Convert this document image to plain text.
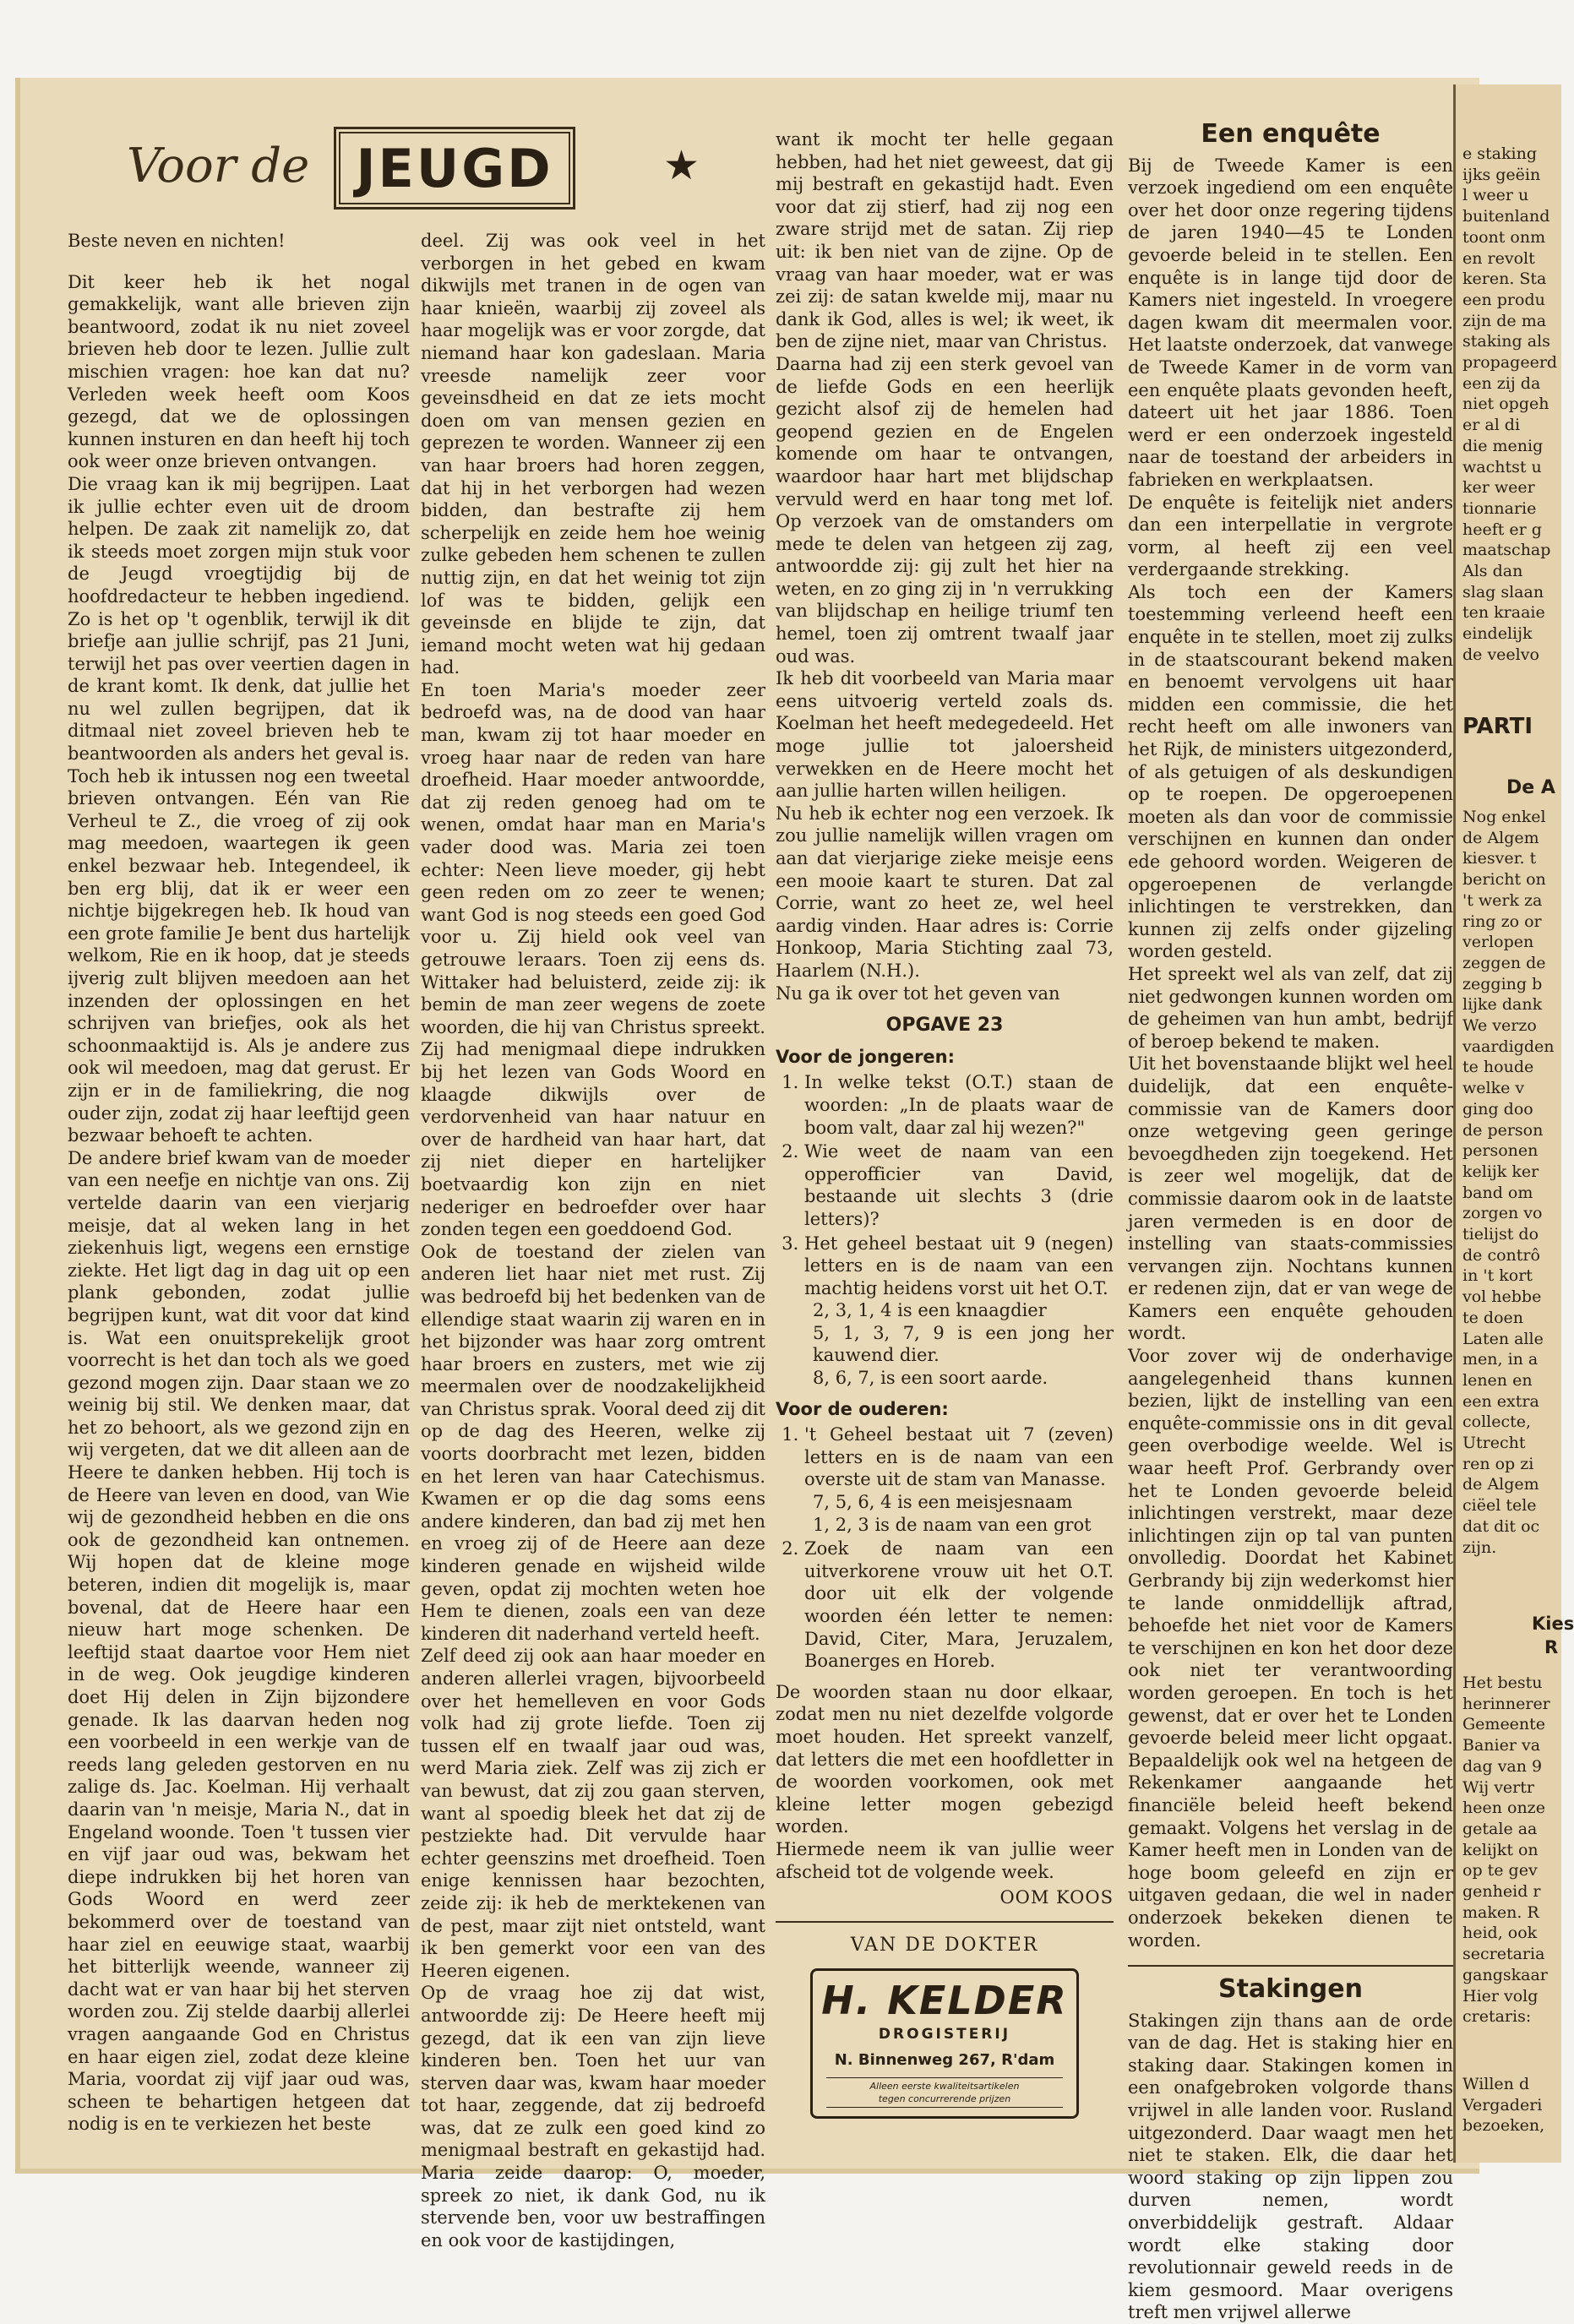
Voor de JEUGD	★

Beste neven en nichten!

Dit keer heb ik het nogal gemakkelijk, want alle brieven zijn beantwoord, zodat ik nu niet zoveel brieven heb door te lezen. Jullie zult mischien vragen: hoe kan dat nu? Verleden week heeft oom Koos gezegd, dat we de oplossingen kunnen insturen en dan heeft hij toch ook weer onze brieven ontvangen.

Die vraag kan ik mij begrijpen. Laat ik jullie echter even uit de droom helpen. De zaak zit namelijk zo, dat ik steeds moet zorgen mijn stuk voor de Jeugd vroegtijdig bij de hoofdredacteur te hebben ingediend. Zo is het op 't ogenblik, terwijl ik dit briefje aan jullie schrijf, pas 21 Juni, terwijl het pas over veertien dagen in de krant komt. Ik denk, dat jullie het nu wel zullen begrijpen, dat ik ditmaal niet zoveel brieven heb te beantwoorden als anders het geval is.

Toch heb ik intussen nog een tweetal brieven ontvangen. Eén van Rie Verheul te Z., die vroeg of zij ook mag meedoen, waartegen ik geen enkel bezwaar heb. Integendeel, ik ben erg blij, dat ik er weer een nichtje bijgekregen heb. Ik houd van een grote familie Je bent dus hartelijk welkom, Rie en ik hoop, dat je steeds ijverig zult blijven meedoen aan het inzenden der oplossingen en het schrijven van briefjes, ook als het schoonmaaktijd is. Als je andere zus ook wil meedoen, mag dat gerust. Er zijn er in de familiekring, die nog ouder zijn, zodat zij haar leeftijd geen bezwaar behoeft te achten.

De andere brief kwam van de moeder van een neefje en nichtje van ons. Zij vertelde daarin van een vierjarig meisje, dat al weken lang in het ziekenhuis ligt, wegens een ernstige ziekte. Het ligt dag in dag uit op een plank gebonden, zodat jullie begrijpen kunt, wat dit voor dat kind is. Wat een onuitsprekelijk groot voorrecht is het dan toch als we goed gezond mogen zijn. Daar staan we zo weinig bij stil. We denken maar, dat het zo behoort, als we gezond zijn en wij vergeten, dat we dit alleen aan de Heere te danken hebben. Hij toch is de Heere van leven en dood, van Wie wij de gezondheid hebben en die ons ook de gezondheid kan ontnemen. Wij hopen dat de kleine moge beteren, indien dit mogelijk is, maar bovenal, dat de Heere haar een nieuw hart moge schenken. De leeftijd staat daartoe voor Hem niet in de weg. Ook jeugdige kinderen doet Hij delen in Zijn bijzondere genade. Ik las daarvan heden nog een voorbeeld in een werkje van de reeds lang geleden gestorven en nu zalige ds. Jac. Koelman. Hij verhaalt daarin van 'n meisje, Maria N., dat in Engeland woonde. Toen 't tussen vier en vijf jaar oud was, bekwam het diepe indrukken bij het horen van Gods Woord en werd zeer bekommerd over de toestand van haar ziel en eeuwige staat, waarbij het bitterlijk weende, wanneer zij dacht wat er van haar bij het sterven worden zou. Zij stelde daarbij allerlei vragen aangaande God en Christus en haar eigen ziel, zodat deze kleine Maria, voordat zij vijf jaar oud was, scheen te behartigen hetgeen dat nodig is en te verkiezen het beste

deel. Zij was ook veel in het verborgen in het gebed en kwam dikwijls met tranen in de ogen van haar knieën, waarbij zij zoveel als haar mogelijk was er voor zorgde, dat niemand haar kon gadeslaan. Maria vreesde namelijk zeer voor geveinsdheid en dat ze iets mocht doen om van mensen gezien en geprezen te worden. Wanneer zij een van haar broers had horen zeggen, dat hij in het verborgen had wezen bidden, dan bestrafte zij hem scherpelijk en zeide hem hoe weinig zulke gebeden hem schenen te zullen nuttig zijn, en dat het weinig tot zijn lof was te bidden, gelijk een geveinsde en blijde te zijn, dat iemand mocht weten wat hij gedaan had.

En toen Maria's moeder zeer bedroefd was, na de dood van haar man, kwam zij tot haar moeder en vroeg haar naar de reden van hare droefheid. Haar moeder antwoordde, dat zij reden genoeg had om te wenen, omdat haar man en Maria's vader dood was. Maria zei toen echter: Neen lieve moeder, gij hebt geen reden om zo zeer te wenen; want God is nog steeds een goed God voor u. Zij hield ook veel van getrouwe leraars. Toen zij eens ds. Wittaker had beluisterd, zeide zij: ik bemin de man zeer wegens de zoete woorden, die hij van Christus spreekt. Zij had menigmaal diepe indrukken bij het lezen van Gods Woord en klaagde dikwijls over de verdorvenheid van haar natuur en over de hardheid van haar hart, dat zij niet dieper en hartelijker boetvaardig kon zijn en niet nederiger en bedroefder over haar zonden tegen een goeddoend God.

Ook de toestand der zielen van anderen liet haar niet met rust. Zij was bedroefd bij het bedenken van de ellendige staat waarin zij waren en in het bijzonder was haar zorg omtrent haar broers en zusters, met wie zij meermalen over de noodzakelijkheid van Christus sprak. Vooral deed zij dit op de dag des Heeren, welke zij voorts doorbracht met lezen, bidden en het leren van haar Catechismus. Kwamen er op die dag soms eens andere kinderen, dan bad zij met hen en vroeg zij of de Heere aan deze kinderen genade en wijsheid wilde geven, opdat zij mochten weten hoe Hem te dienen, zoals een van deze kinderen dit naderhand verteld heeft.

Zelf deed zij ook aan haar moeder en anderen allerlei vragen, bijvoorbeeld over het hemelleven en voor Gods volk had zij grote liefde. Toen zij tussen elf en twaalf jaar oud was, werd Maria ziek. Zelf was zij zich er van bewust, dat zij zou gaan sterven, want al spoedig bleek het dat zij de pestziekte had. Dit vervulde haar echter geenszins met droefheid. Toen enige kennissen haar bezochten, zeide zij: ik heb de merktekenen van de pest, maar zijt niet ontsteld, want ik ben gemerkt voor een van des Heeren eigenen.

Op de vraag hoe zij dat wist, antwoordde zij: De Heere heeft mij gezegd, dat ik een van zijn lieve kinderen ben. Toen het uur van sterven daar was, kwam haar moeder tot haar, zeggende, dat zij bedroefd was, dat ze zulk een goed kind zo menigmaal bestraft en gekastijd had. Maria zeide daarop: O, moeder, spreek zo niet, ik dank God, nu ik stervende ben, voor uw bestraffingen en ook voor de kastijdingen,

want ik mocht ter helle gegaan hebben, had het niet geweest, dat gij mij bestraft en gekastijd hadt. Even voor dat zij stierf, had zij nog een zware strijd met de satan. Zij riep uit: ik ben niet van de zijne. Op de vraag van haar moeder, wat er was zei zij: de satan kwelde mij, maar nu dank ik God, alles is wel; ik weet, ik ben de zijne niet, maar van Christus.

Daarna had zij een sterk gevoel van de liefde Gods en een heerlijk gezicht alsof zij de hemelen had geopend gezien en de Engelen komende om haar te ontvangen, waardoor haar hart met blijdschap vervuld werd en haar tong met lof. Op verzoek van de omstanders om mede te delen van hetgeen zij zag, antwoordde zij: gij zult het hier na weten, en zo ging zij in 'n verrukking van blijdschap en heilige triumf ten hemel, toen zij omtrent twaalf jaar oud was.

Ik heb dit voorbeeld van Maria maar eens uitvoerig verteld zoals ds. Koelman het heeft medegedeeld. Het moge jullie tot jaloersheid verwekken en de Heere mocht het aan jullie harten willen heiligen.

Nu heb ik echter nog een verzoek. Ik zou jullie namelijk willen vragen om aan dat vierjarige zieke meisje eens een mooie kaart te sturen. Dat zal Corrie, want zo heet ze, wel heel aardig vinden. Haar adres is: Corrie Honkoop, Maria Stichting zaal 73, Haarlem (N.H.).

Nu ga ik over tot het geven van

OPGAVE 23
Voor de jongeren:
1. In welke tekst (O.T.) staan de woorden: „In de plaats waar de boom valt, daar zal hij wezen?"
2. Wie weet de naam van een opperofficier van David, bestaande uit slechts 3 (drie letters)?
3. Het geheel bestaat uit 9 (negen) letters en is de naam van een machtig heidens vorst uit het O.T.
2, 3, 1, 4 is een knaagdier
5, 1, 3, 7, 9 is een jong her kauwend dier.
8, 6, 7, is een soort aarde.
Voor de ouderen:
1. 't Geheel bestaat uit 7 (zeven) letters en is de naam van een overste uit de stam van Manasse.
7, 5, 6, 4 is een meisjesnaam
1, 2, 3 is de naam van een grot
2. Zoek de naam van een uitverkorene vrouw uit het O.T. door uit elk der volgende woorden één letter te nemen: David, Citer, Mara, Jeruzalem, Boanerges en Horeb.

De woorden staan nu door elkaar, zodat men nu niet dezelfde volgorde moet houden. Het spreekt vanzelf, dat letters die met een hoofdletter in de woorden voorkomen, ook met kleine letter mogen gebezigd worden.

Hiermede neem ik van jullie weer afscheid tot de volgende week.

OOM KOOS
VAN DE DOKTER
H. KELDER
DROGISTERIJ
N. Binnenweg 267, R'dam
Alleen eerste kwaliteitsartikelen
tegen concurrerende prijzen
Een enquête

Bij de Tweede Kamer is een verzoek ingediend om een enquête over het door onze regering tijdens de jaren 1940—45 te Londen gevoerde beleid in te stellen. Een enquête is in lange tijd door de Kamers niet ingesteld. In vroegere dagen kwam dit meermalen voor. Het laatste onderzoek, dat vanwege de Tweede Kamer in de vorm van een enquête plaats gevonden heeft, dateert uit het jaar 1886. Toen werd er een onderzoek ingesteld naar de toestand der arbeiders in fabrieken en werkplaatsen.

De enquête is feitelijk niet anders dan een interpellatie in vergrote vorm, al heeft zij een veel verdergaande strekking.

Als toch een der Kamers toestemming verleend heeft een enquête in te stellen, moet zij zulks in de staatscourant bekend maken en benoemt vervolgens uit haar midden een commissie, die het recht heeft om alle inwoners van het Rijk, de ministers uitgezonderd, of als getuigen of als deskundigen op te roepen. De opgeroepenen moeten als dan voor de commissie verschijnen en kunnen dan onder ede gehoord worden. Weigeren de opgeroepenen de verlangde inlichtingen te verstrekken, dan kunnen zij zelfs onder gijzeling worden gesteld.

Het spreekt wel als van zelf, dat zij niet gedwongen kunnen worden om de geheimen van hun ambt, bedrijf of beroep bekend te maken.

Uit het bovenstaande blijkt wel heel duidelijk, dat een enquête-commissie van de Kamers door onze wetgeving geen geringe bevoegdheden zijn toegekend. Het is zeer wel mogelijk, dat de commissie daarom ook in de laatste jaren vermeden is en door de instelling van staats-commissies vervangen zijn. Nochtans kunnen er redenen zijn, dat er van wege de Kamers een enquête gehouden wordt.

Voor zover wij de onderhavige aangelegenheid thans kunnen bezien, lijkt de instelling van een enquête-commissie ons in dit geval geen overbodige weelde. Wel is waar heeft Prof. Gerbrandy over het te Londen gevoerde beleid inlichtingen verstrekt, maar deze inlichtingen zijn op tal van punten onvolledig. Doordat het Kabinet Gerbrandy bij zijn wederkomst hier te lande onmiddellijk aftrad, behoefde het niet voor de Kamers te verschijnen en kon het door deze ook niet ter verantwoording worden geroepen. En toch is het gewenst, dat er over het te Londen gevoerde beleid meer licht opgaat. Bepaaldelijk ook wel na hetgeen de Rekenkamer aangaande het financiële beleid heeft bekend gemaakt. Volgens het verslag in de Kamer heeft men in Londen van de hoge boom geleefd en zijn er uitgaven gedaan, die wel in nader onderzoek bekeken dienen te worden.

Stakingen

Stakingen zijn thans aan de orde van de dag. Het is staking hier en staking daar. Stakingen komen in een onafgebroken volgorde thans vrijwel in alle landen voor. Rusland uitgezonderd. Daar waagt men het niet te staken. Elk, die daar het woord staking op zijn lippen zou durven nemen, wordt onverbiddelijk gestraft. Aldaar wordt elke staking door revolutionnair geweld reeds in de kiem gesmoord. Maar overigens treft men vrijwel allerwe

e staking
ijks geëin
l weer u
buitenland
toont onm
en revolt
keren. Sta
een produ
zijn de ma
staking als
propageerd
een zij da
niet opgeh
er al di
die menig
wachtst u
ker weer
tionnarie
heeft er g
maatschap
Als dan
slag slaan
ten kraaie
eindelijk
de veelvo
PARTI
De A
Nog enkel
de Algem
kiesver. t
bericht on
't werk za
ring zo or
verlopen
zeggen de
zegging b
lijke dank
We verzo
vaardigden
te houde
welke v
ging doo
de person
personen
kelijk ker
band om
zorgen vo
tielijst do
de contrô
in 't kort
vol hebbe
te doen
Laten alle
men, in a
lenen en
een extra
collecte,
Utrecht
ren op zi
de Algem
ciëel tele
dat dit oc
zijn.
Kies
R
Het bestu
herinnerer
Gemeente
Banier va
dag van 9
Wij vertr
heen onze
getale aa
kelijkt on
op te gev
genheid r
maken. R
heid, ook
secretaria
gangskaar
Hier volg
cretaris:
Willen d
Vergaderi
bezoeken,
